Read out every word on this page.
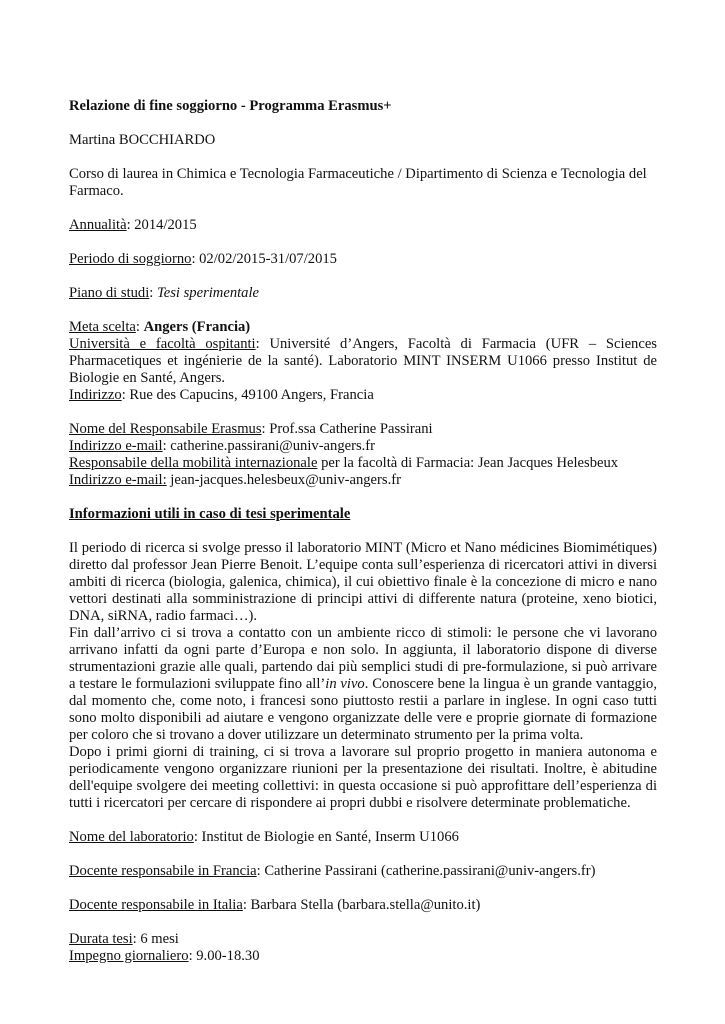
Relazione di fine soggiorno - Programma Erasmus+

Martina BOCCHIARDO

Corso di laurea in Chimica e Tecnologia Farmaceutiche / Dipartimento di Scienza e Tecnologia del Farmaco.

Annualità: 2014/2015

Periodo di soggiorno: 02/02/2015-31/07/2015

Piano di studi: Tesi sperimentale

Meta scelta: Angers (Francia)

Università e facoltà ospitanti: Université d’Angers, Facoltà di Farmacia (UFR – Sciences Pharmacetiques et ingénierie de la santé). Laboratorio MINT INSERM U1066 presso Institut de Biologie en Santé, Angers.

Indirizzo: Rue des Capucins, 49100 Angers, Francia

Nome del Responsabile Erasmus: Prof.ssa Catherine Passirani

Indirizzo e-mail: catherine.passirani@univ-angers.fr

Responsabile della mobilità internazionale per la facoltà di Farmacia: Jean Jacques Helesbeux

Indirizzo e-mail: jean-jacques.helesbeux@univ-angers.fr

Informazioni utili in caso di tesi sperimentale

Il periodo di ricerca si svolge presso il laboratorio MINT (Micro et Nano médicines Biomimétiques) diretto dal professor Jean Pierre Benoit. L’equipe conta sull’esperienza di ricercatori attivi in diversi ambiti di ricerca (biologia, galenica, chimica), il cui obiettivo finale è la concezione di micro e nano vettori destinati alla somministrazione di principi attivi di differente natura (proteine, xeno biotici, DNA, siRNA, radio farmaci…).

Fin dall’arrivo ci si trova a contatto con un ambiente ricco di stimoli: le persone che vi lavorano arrivano infatti da ogni parte d’Europa e non solo. In aggiunta, il laboratorio dispone di diverse strumentazioni grazie alle quali, partendo dai più semplici studi di pre-formulazione, si può arrivare a testare le formulazioni sviluppate fino all’in vivo. Conoscere bene la lingua è un grande vantaggio, dal momento che, come noto, i francesi sono piuttosto restii a parlare in inglese. In ogni caso tutti sono molto disponibili ad aiutare e vengono organizzate delle vere e proprie giornate di formazione per coloro che si trovano a dover utilizzare un determinato strumento per la prima volta.

Dopo i primi giorni di training, ci si trova a lavorare sul proprio progetto in maniera autonoma e periodicamente vengono organizzare riunioni per la presentazione dei risultati. Inoltre, è abitudine dell'equipe svolgere dei meeting collettivi: in questa occasione si può approfittare dell’esperienza di tutti i ricercatori per cercare di rispondere ai propri dubbi e risolvere determinate problematiche.

Nome del laboratorio: Institut de Biologie en Santé, Inserm U1066

Docente responsabile in Francia: Catherine Passirani (catherine.passirani@univ-angers.fr)

Docente responsabile in Italia: Barbara Stella (barbara.stella@unito.it)

Durata tesi: 6 mesi

Impegno giornaliero: 9.00-18.30
